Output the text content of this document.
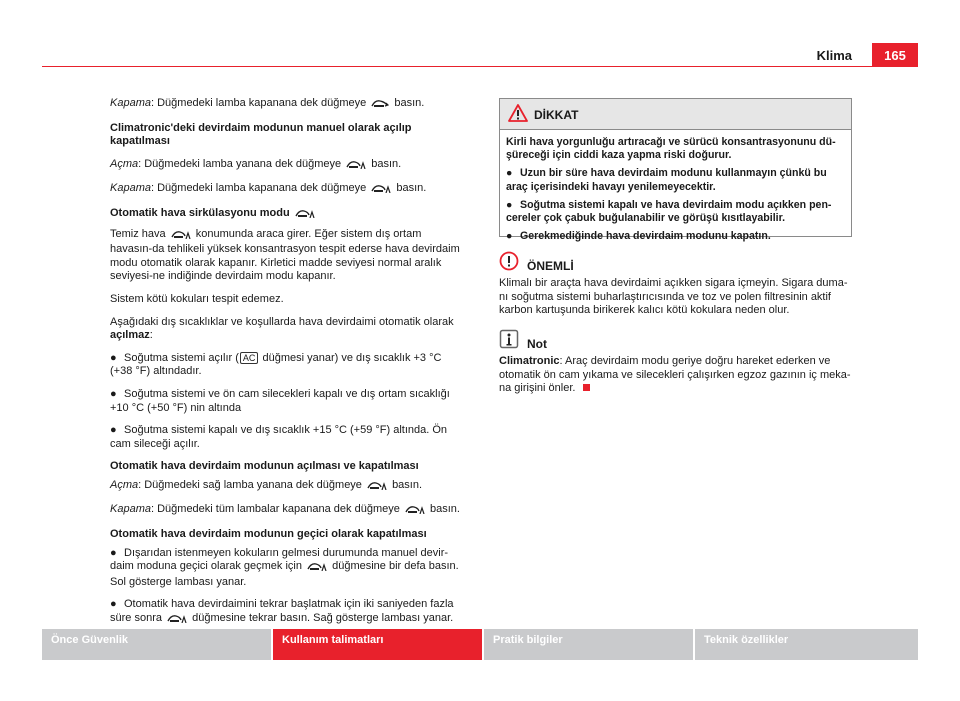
Klima	165

Kapama: Düğmedeki lamba kapanana dek düğmeye	basın.

Climatronic'deki devirdaim modunun manuel olarak açılıp kapatılması

Açma: Düğmedeki lamba yanana dek düğmeye	basın.

Kapama: Düğmedeki lamba kapanana dek düğmeye	basın.

Otomatik hava sirkülasyonu modu

Temiz hava	konumunda araca girer. Eğer sistem dış ortam havasın-da tehlikeli yüksek konsantrasyon tespit ederse hava devirdaim modu otomatik olarak kapanır. Kirletici madde seviyesi normal aralık seviyesi-ne indiğinde devirdaim modu kapanır.

Sistem kötü kokuları tespit edemez.

Aşağıdaki dış sıcaklıklar ve koşullarda hava devirdaimi otomatik olarak açılmaz:

● Soğutma sistemi açılır ( AC düğmesi yanar) ve dış sıcaklık +3 °C (+38 °F) altındadır.

● Soğutma sistemi ve ön cam silecekleri kapalı ve dış ortam sıcaklığı +10 °C (+50 °F) nin altında

● Soğutma sistemi kapalı ve dış sıcaklık +15 °C (+59 °F) altında. Ön cam sileceği açılır.

Otomatik hava devirdaim modunun açılması ve kapatılması

Açma: Düğmedeki sağ lamba yanana dek düğmeye	basın.

Kapama: Düğmedeki tüm lambalar kapanana dek düğmeye	basın.

Otomatik hava devirdaim modunun geçici olarak kapatılması

● Dışarıdan istenmeyen kokuların gelmesi durumunda manuel devir-daim moduna geçici olarak geçmek için	düğmesine bir defa basın. Sol gösterge lambası yanar.

● Otomatik hava devirdaimini tekrar başlatmak için iki saniyeden fazla süre sonra	düğmesine tekrar basın. Sağ gösterge lambası yanar.

DİKKAT

Kirli hava yorgunluğu artıracağı ve sürücü konsantrasyonunu dü-şüreceği için ciddi kaza yapma riski doğurur.

● Uzun bir süre hava devirdaim modunu kullanmayın çünkü bu araç içerisindeki havayı yenilemeyecektir.

● Soğutma sistemi kapalı ve hava devirdaim modu açıkken pen-cereler çok çabuk buğulanabilir ve görüşü kısıtlayabilir.

● Gerekmediğinde hava devirdaim modunu kapatın.

ÖNEMLİ

Klimalı bir araçta hava devirdaimi açıkken sigara içmeyin. Sigara duma-nı soğutma sistemi buharlaştırıcısında ve toz ve polen filtresinin aktif karbon kartuşunda birikerek kalıcı kötü kokulara neden olur.

Not

Climatronic: Araç devirdaim modu geriye doğru hareket ederken ve otomatik ön cam yıkama ve silecekleri çalışırken egzoz gazının iç meka-na girişini önler.

Önce Güvenlik	Kullanım talimatları	Pratik bilgiler	Teknik özellikler
